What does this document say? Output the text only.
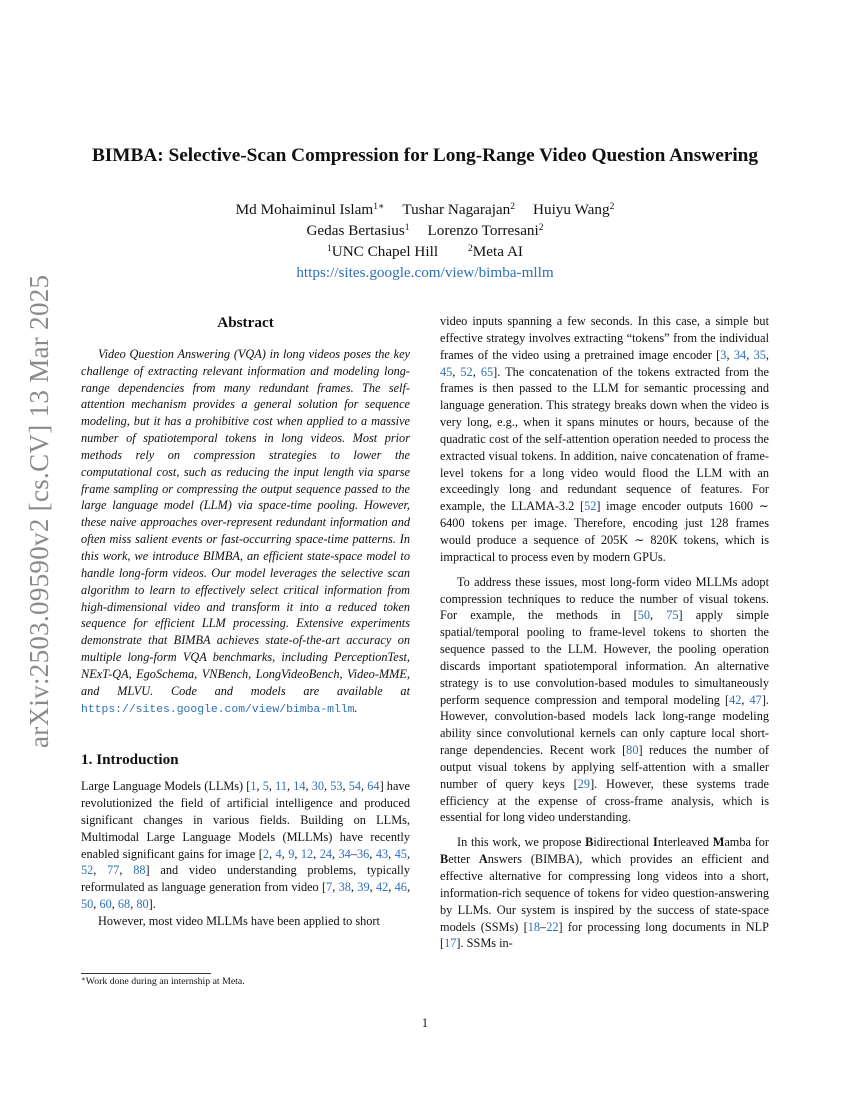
arXiv:2503.09590v2 [cs.CV] 13 Mar 2025
BIMBA: Selective-Scan Compression for Long-Range Video Question Answering
Md Mohaiminul Islam$^{1∗}$ Tushar Nagarajan$^2$ Huiyu Wang$^2$
Gedas Bertasius$^1$ Lorenzo Torresani$^2$
$^1$UNC Chapel Hill	$^2$Meta AI
https://sites.google.com/view/bimba-mllm
Abstract

Video Question Answering (VQA) in long videos poses the key challenge of extracting relevant information and modeling long-range dependencies from many redundant frames. The self-attention mechanism provides a general solution for sequence modeling, but it has a prohibitive cost when applied to a massive number of spatiotemporal tokens in long videos. Most prior methods rely on compression strategies to lower the computational cost, such as reducing the input length via sparse frame sampling or compressing the output sequence passed to the large language model (LLM) via space-time pooling. However, these naive approaches over-represent redundant information and often miss salient events or fast-occurring space-time patterns. In this work, we introduce BIMBA, an efficient state-space model to handle long-form videos. Our model leverages the selective scan algorithm to learn to effectively select critical information from high-dimensional video and transform it into a reduced token sequence for efficient LLM processing. Extensive experiments demonstrate that BIMBA achieves state-of-the-art accuracy on multiple long-form VQA benchmarks, including PerceptionTest, NExT-QA, EgoSchema, VNBench, LongVideoBench, Video-MME, and MLVU. Code and models are available at https://sites.google.com/view/bimba-mllm.

1. Introduction

Large Language Models (LLMs) [1, 5, 11, 14, 30, 53, 54, 64] have revolutionized the field of artificial intelligence and produced significant changes in various fields. Building on LLMs, Multimodal Large Language Models (MLLMs) have recently enabled significant gains for image [2, 4, 9, 12, 24, 34–36, 43, 45, 52, 77, 88] and video understanding problems, typically reformulated as language generation from video [7, 38, 39, 42, 46, 50, 60, 68, 80].

However, most video MLLMs have been applied to short

video inputs spanning a few seconds. In this case, a simple but effective strategy involves extracting “tokens” from the individual frames of the video using a pretrained image encoder [3, 34, 35, 45, 52, 65]. The concatenation of the tokens extracted from the frames is then passed to the LLM for semantic processing and language generation. This strategy breaks down when the video is very long, e.g., when it spans minutes or hours, because of the quadratic cost of the self-attention operation needed to process the extracted visual tokens. In addition, naive concatenation of frame-level tokens for a long video would flood the LLM with an exceedingly long and redundant sequence of features. For example, the LLAMA-3.2 [52] image encoder outputs 1600 ∼ 6400 tokens per image. Therefore, encoding just 128 frames would produce a sequence of 205K ∼ 820K tokens, which is impractical to process even by modern GPUs.

To address these issues, most long-form video MLLMs adopt compression techniques to reduce the number of visual tokens. For example, the methods in [50, 75] apply simple spatial/temporal pooling to frame-level tokens to shorten the sequence passed to the LLM. However, the pooling operation discards important spatiotemporal information. An alternative strategy is to use convolution-based modules to simultaneously perform sequence compression and temporal modeling [42, 47]. However, convolution-based models lack long-range modeling ability since convolutional kernels can only capture local short-range dependencies. Recent work [80] reduces the number of output visual tokens by applying self-attention with a smaller number of query keys [29]. However, these systems trade efficiency at the expense of cross-frame analysis, which is essential for long video understanding.

In this work, we propose Bidirectional Interleaved Mamba for Better Answers (BIMBA), which provides an efficient and effective alternative for compressing long videos into a short, information-rich sequence of tokens for video question-answering by LLMs. Our system is inspired by the success of state-space models (SSMs) [18–22] for processing long documents in NLP [17]. SSMs in-

∗Work done during an internship at Meta.
1
